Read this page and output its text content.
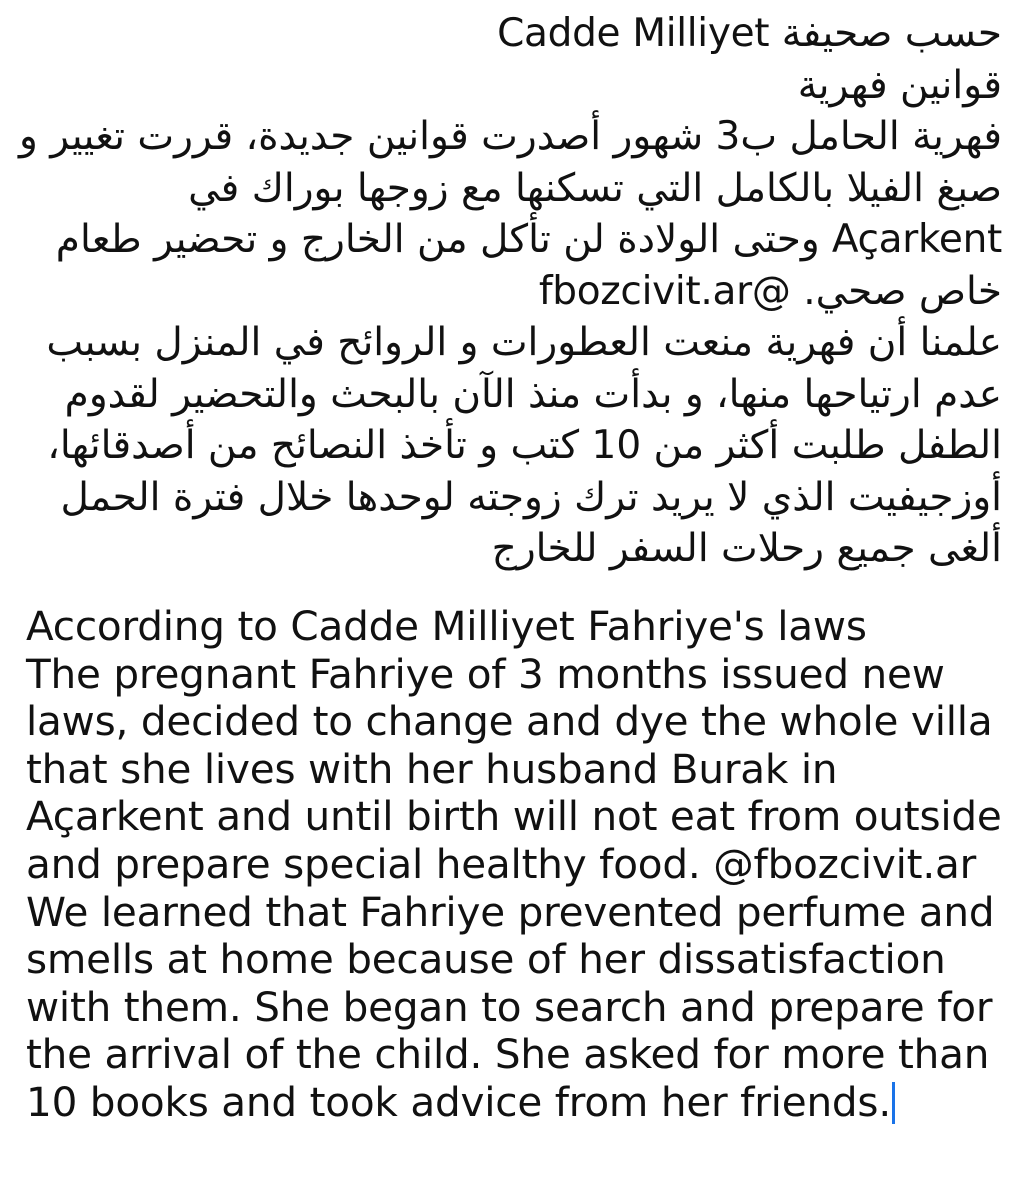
حسب صحيفة Cadde Milliyet
قوانين فهرية
فهرية الحامل ب3 شهور أصدرت قوانين جديدة، قررت تغيير و
صبغ الفيلا بالكامل التي تسكنها مع زوجها بوراك في
Açarkent وحتى الولادة لن تأكل من الخارج و تحضير طعام
خاص صحي. @fbozcivit.ar
علمنا أن فهرية منعت العطورات و الروائح في المنزل بسبب
عدم ارتياحها منها، و بدأت منذ الآن بالبحث والتحضير لقدوم
الطفل طلبت أكثر من 10 كتب و تأخذ النصائح من أصدقائها،
أوزجيفيت الذي لا يريد ترك زوجته لوحدها خلال فترة الحمل
ألغى جميع رحلات السفر للخارج
According to Cadde Milliyet Fahriye's laws
The pregnant Fahriye of 3 months issued new
laws, decided to change and dye the whole villa
that she lives with her husband Burak in
Açarkent and until birth will not eat from outside
and prepare special healthy food. @fbozcivit.ar
We learned that Fahriye prevented perfume and
smells at home because of her dissatisfaction
with them. She began to search and prepare for
the arrival of the child. She asked for more than
10 books and took advice from her friends.
